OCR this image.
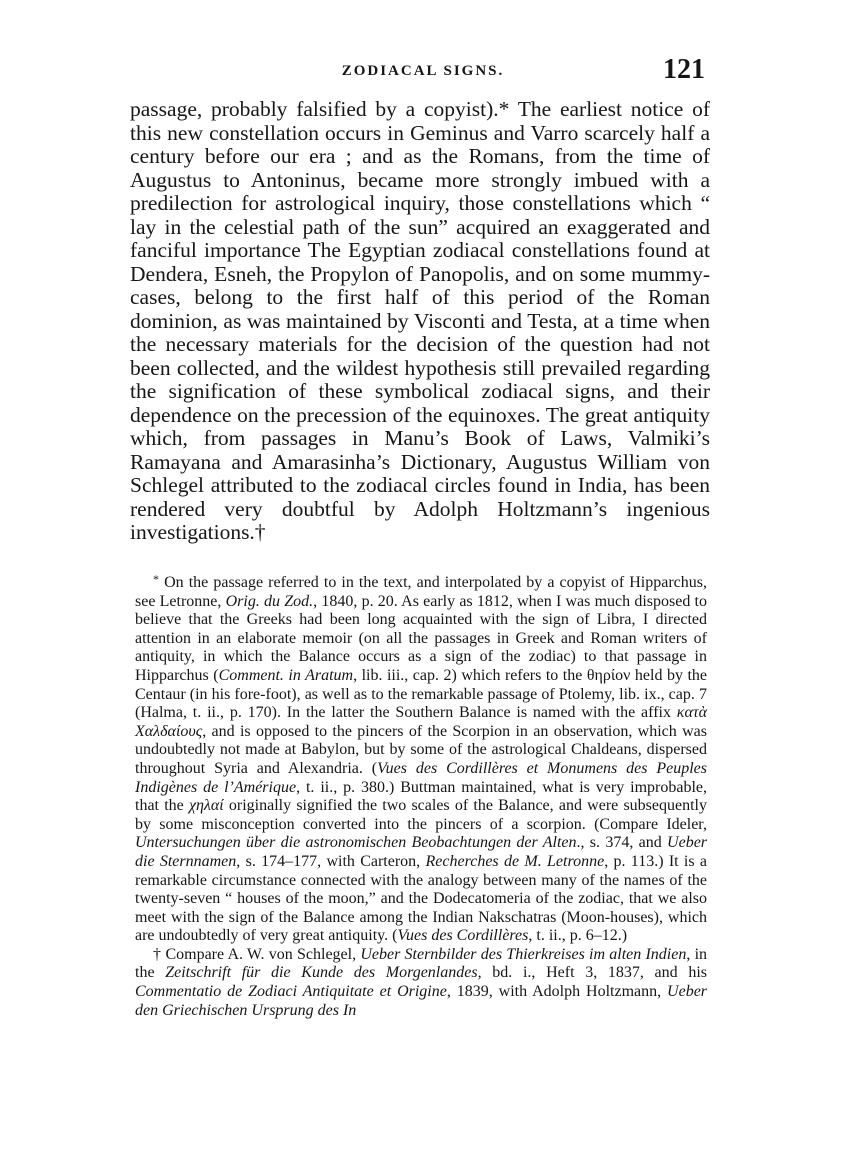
ZODIACAL SIGNS.	121

passage, probably falsified by a copyist).* The earliest notice of this new constellation occurs in Geminus and Varro scarcely half a century before our era ; and as the Romans, from the time of Augustus to Antoninus, became more strongly imbued with a predilection for astrological inquiry, those constellations which “ lay in the celestial path of the sun” acquired an exaggerated and fanciful importance The Egyptian zodiacal constellations found at Dendera, Esneh, the Propylon of Panopolis, and on some mummy-cases, belong to the first half of this period of the Roman dominion, as was maintained by Visconti and Testa, at a time when the necessary materials for the decision of the question had not been collected, and the wildest hypothesis still prevailed regarding the signification of these symbolical zodiacal signs, and their dependence on the precession of the equinoxes. The great antiquity which, from passages in Manu’s Book of Laws, Valmiki’s Ramayana and Amarasinha’s Dictionary, Augustus William von Schlegel attributed to the zodiacal circles found in India, has been rendered very doubtful by Adolph Holtzmann’s ingenious investigations.†

* On the passage referred to in the text, and interpolated by a copyist of Hipparchus, see Letronne, Orig. du Zod., 1840, p. 20. As early as 1812, when I was much disposed to believe that the Greeks had been long acquainted with the sign of Libra, I directed attention in an elaborate memoir (on all the passages in Greek and Roman writers of antiquity, in which the Balance occurs as a sign of the zodiac) to that passage in Hipparchus (Comment. in Aratum, lib. iii., cap. 2) which refers to the θηρίον held by the Centaur (in his fore-foot), as well as to the remarkable passage of Ptolemy, lib. ix., cap. 7 (Halma, t. ii., p. 170). In the latter the Southern Balance is named with the affix κατὰ Χαλδαίους, and is opposed to the pincers of the Scorpion in an observation, which was undoubtedly not made at Babylon, but by some of the astrological Chaldeans, dispersed throughout Syria and Alexandria. (Vues des Cordillères et Monumens des Peuples Indigènes de l’Amérique, t. ii., p. 380.) Buttman maintained, what is very improbable, that the χηλαί originally signified the two scales of the Balance, and were subsequently by some misconception converted into the pincers of a scorpion. (Compare Ideler, Untersuchungen über die astronomischen Beobachtungen der Alten., s. 374, and Ueber die Sternnamen, s. 174–177, with Carteron, Recherches de M. Letronne, p. 113.) It is a remarkable circumstance connected with the analogy between many of the names of the twenty-seven “ houses of the moon,” and the Dodecatomeria of the zodiac, that we also meet with the sign of the Balance among the Indian Nakschatras (Moon-houses), which are undoubtedly of very great antiquity. (Vues des Cordillères, t. ii., p. 6–12.)

† Compare A. W. von Schlegel, Ueber Sternbilder des Thierkreises im alten Indien, in the Zeitschrift für die Kunde des Morgenlandes, bd. i., Heft 3, 1837, and his Commentatio de Zodiaci Antiquitate et Origine, 1839, with Adolph Holtzmann, Ueber den Griechischen Ursprung des In
